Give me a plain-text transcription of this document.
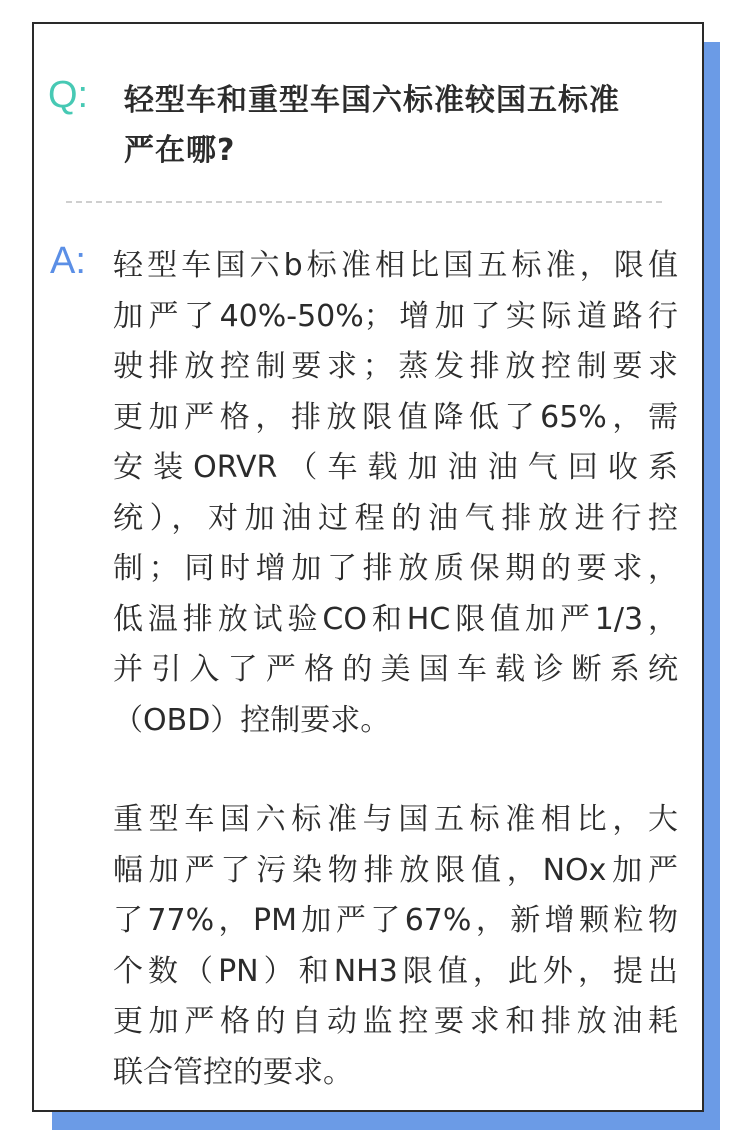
Q: 轻型车和重型车国六标准较国五标准
严在哪?
A: 轻型车国六b标准相比国五标准，限值
加严了40%-50%；增加了实际道路行
驶排放控制要求；蒸发排放控制要求
更加严格，排放限值降低了65%，需
安装ORVR（车载加油油气回收系
统），对加油过程的油气排放进行控
制；同时增加了排放质保期的要求，
低温排放试验CO和HC限值加严1/3，
并引入了严格的美国车载诊断系统
（OBD）控制要求。
重型车国六标准与国五标准相比，大
幅加严了污染物排放限值，NOx加严
了77%，PM加严了67%，新增颗粒物
个数（PN）和NH3限值，此外，提出
更加严格的自动监控要求和排放油耗
联合管控的要求。
